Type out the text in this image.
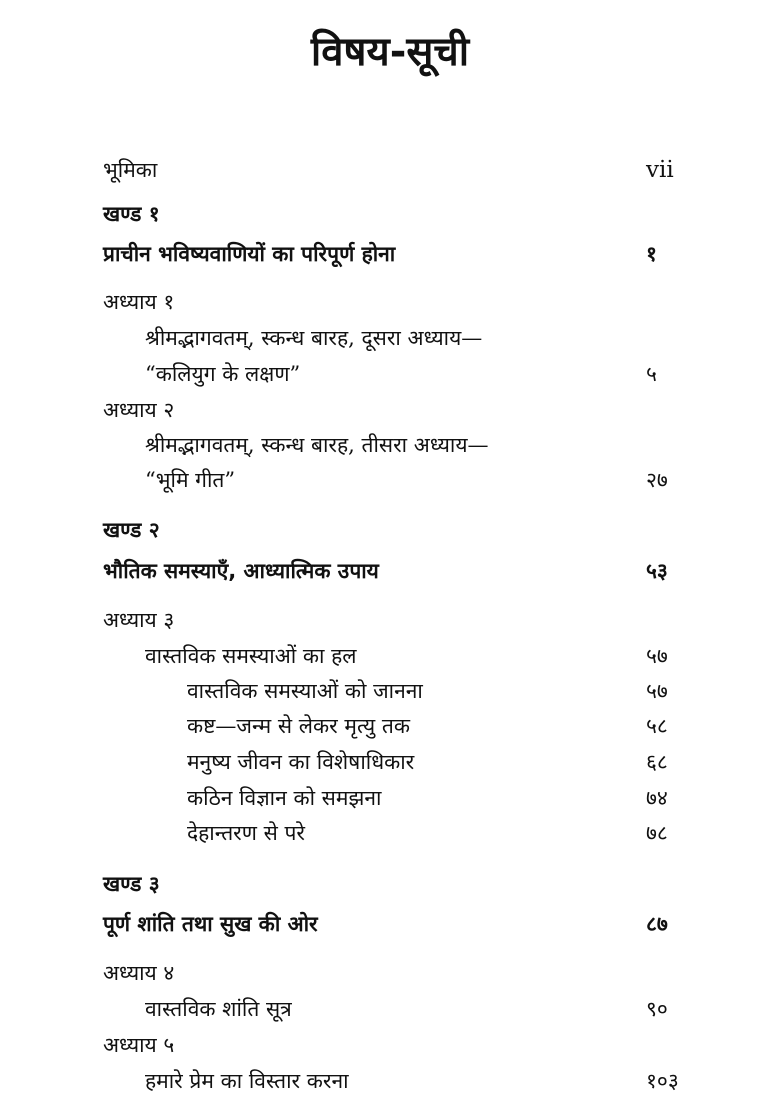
विषय-सूची
भूमिका	vii
खण्ड १
प्राचीन भविष्यवाणियों का परिपूर्ण होना	१
अध्याय १
श्रीमद्भागवतम्, स्कन्ध बारह, दूसरा अध्याय—
“कलियुग के लक्षण”	५
अध्याय २
श्रीमद्भागवतम्, स्कन्ध बारह, तीसरा अध्याय—
“भूमि गीत”	२७
खण्ड २
भौतिक समस्याएँ, आध्यात्मिक उपाय	५३
अध्याय ३
वास्तविक समस्याओं का हल	५७
वास्तविक समस्याओं को जानना	५७
कष्ट—जन्म से लेकर मृत्यु तक	५८
मनुष्य जीवन का विशेषाधिकार	६८
कठिन विज्ञान को समझना	७४
देहान्तरण से परे	७८
खण्ड ३
पूर्ण शांति तथा सुख की ओर	८७
अध्याय ४
वास्तविक शांति सूत्र	९०
अध्याय ५
हमारे प्रेम का विस्तार करना	१०३
